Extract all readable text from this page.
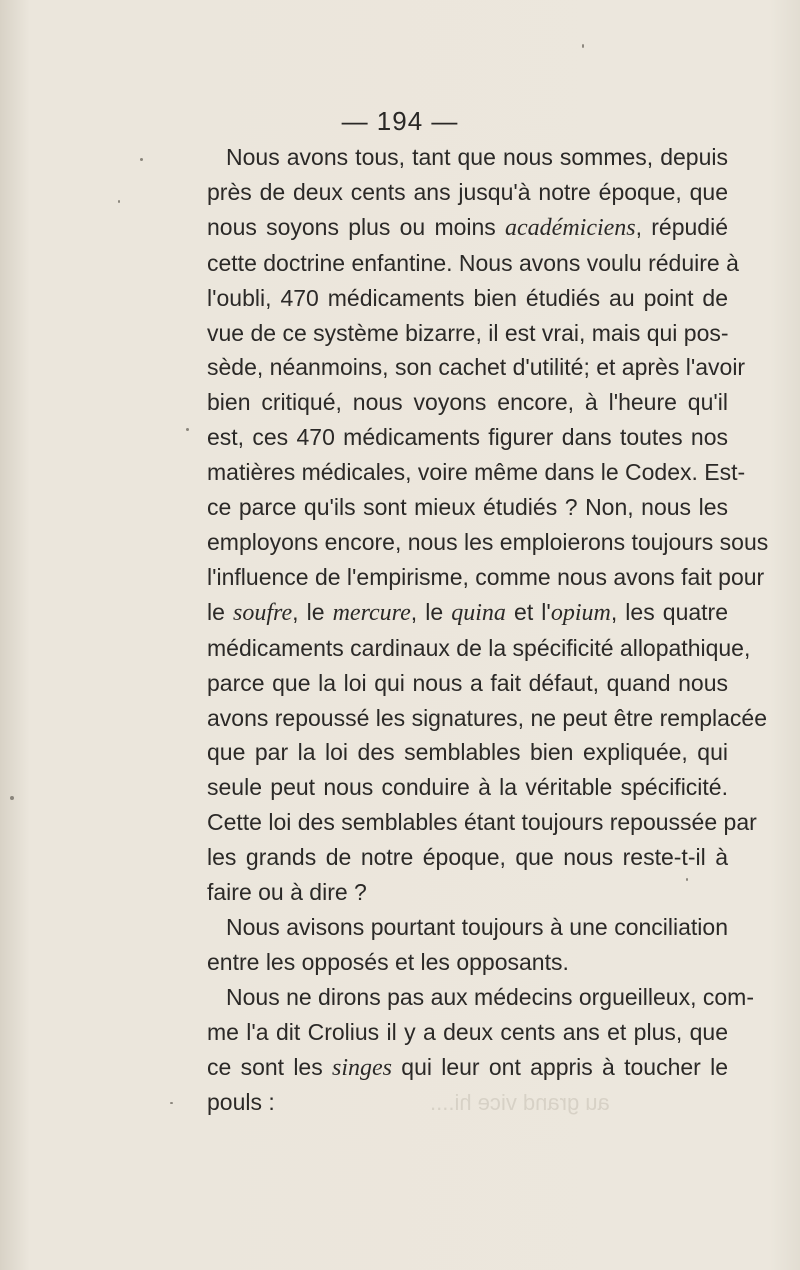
— 194 —
Nous avons tous, tant que nous sommes, depuis
près de deux cents ans jusqu'à notre époque, que
nous soyons plus ou moins académiciens, répudié
cette doctrine enfantine. Nous avons voulu réduire à
l'oubli, 470 médicaments bien étudiés au point de
vue de ce système bizarre, il est vrai, mais qui pos-
sède, néanmoins, son cachet d'utilité; et après l'avoir
bien critiqué, nous voyons encore, à l'heure qu'il
est, ces 470 médicaments figurer dans toutes nos
matières médicales, voire même dans le Codex. Est-
ce parce qu'ils sont mieux étudiés ? Non, nous les
employons encore, nous les emploierons toujours sous
l'influence de l'empirisme, comme nous avons fait pour
le soufre, le mercure, le quina et l'opium, les quatre
médicaments cardinaux de la spécificité allopathique,
parce que la loi qui nous a fait défaut, quand nous
avons repoussé les signatures, ne peut être remplacée
que par la loi des semblables bien expliquée, qui
seule peut nous conduire à la véritable spécificité.
Cette loi des semblables étant toujours repoussée par
les grands de notre époque, que nous reste-t-il à
faire ou à dire ?
Nous avisons pourtant toujours à une conciliation
entre les opposés et les opposants.
Nous ne dirons pas aux médecins orgueilleux, com-
me l'a dit Crolius il y a deux cents ans et plus, que
ce sont les singes qui leur ont appris à toucher le
pouls :	au grand vice hi....
